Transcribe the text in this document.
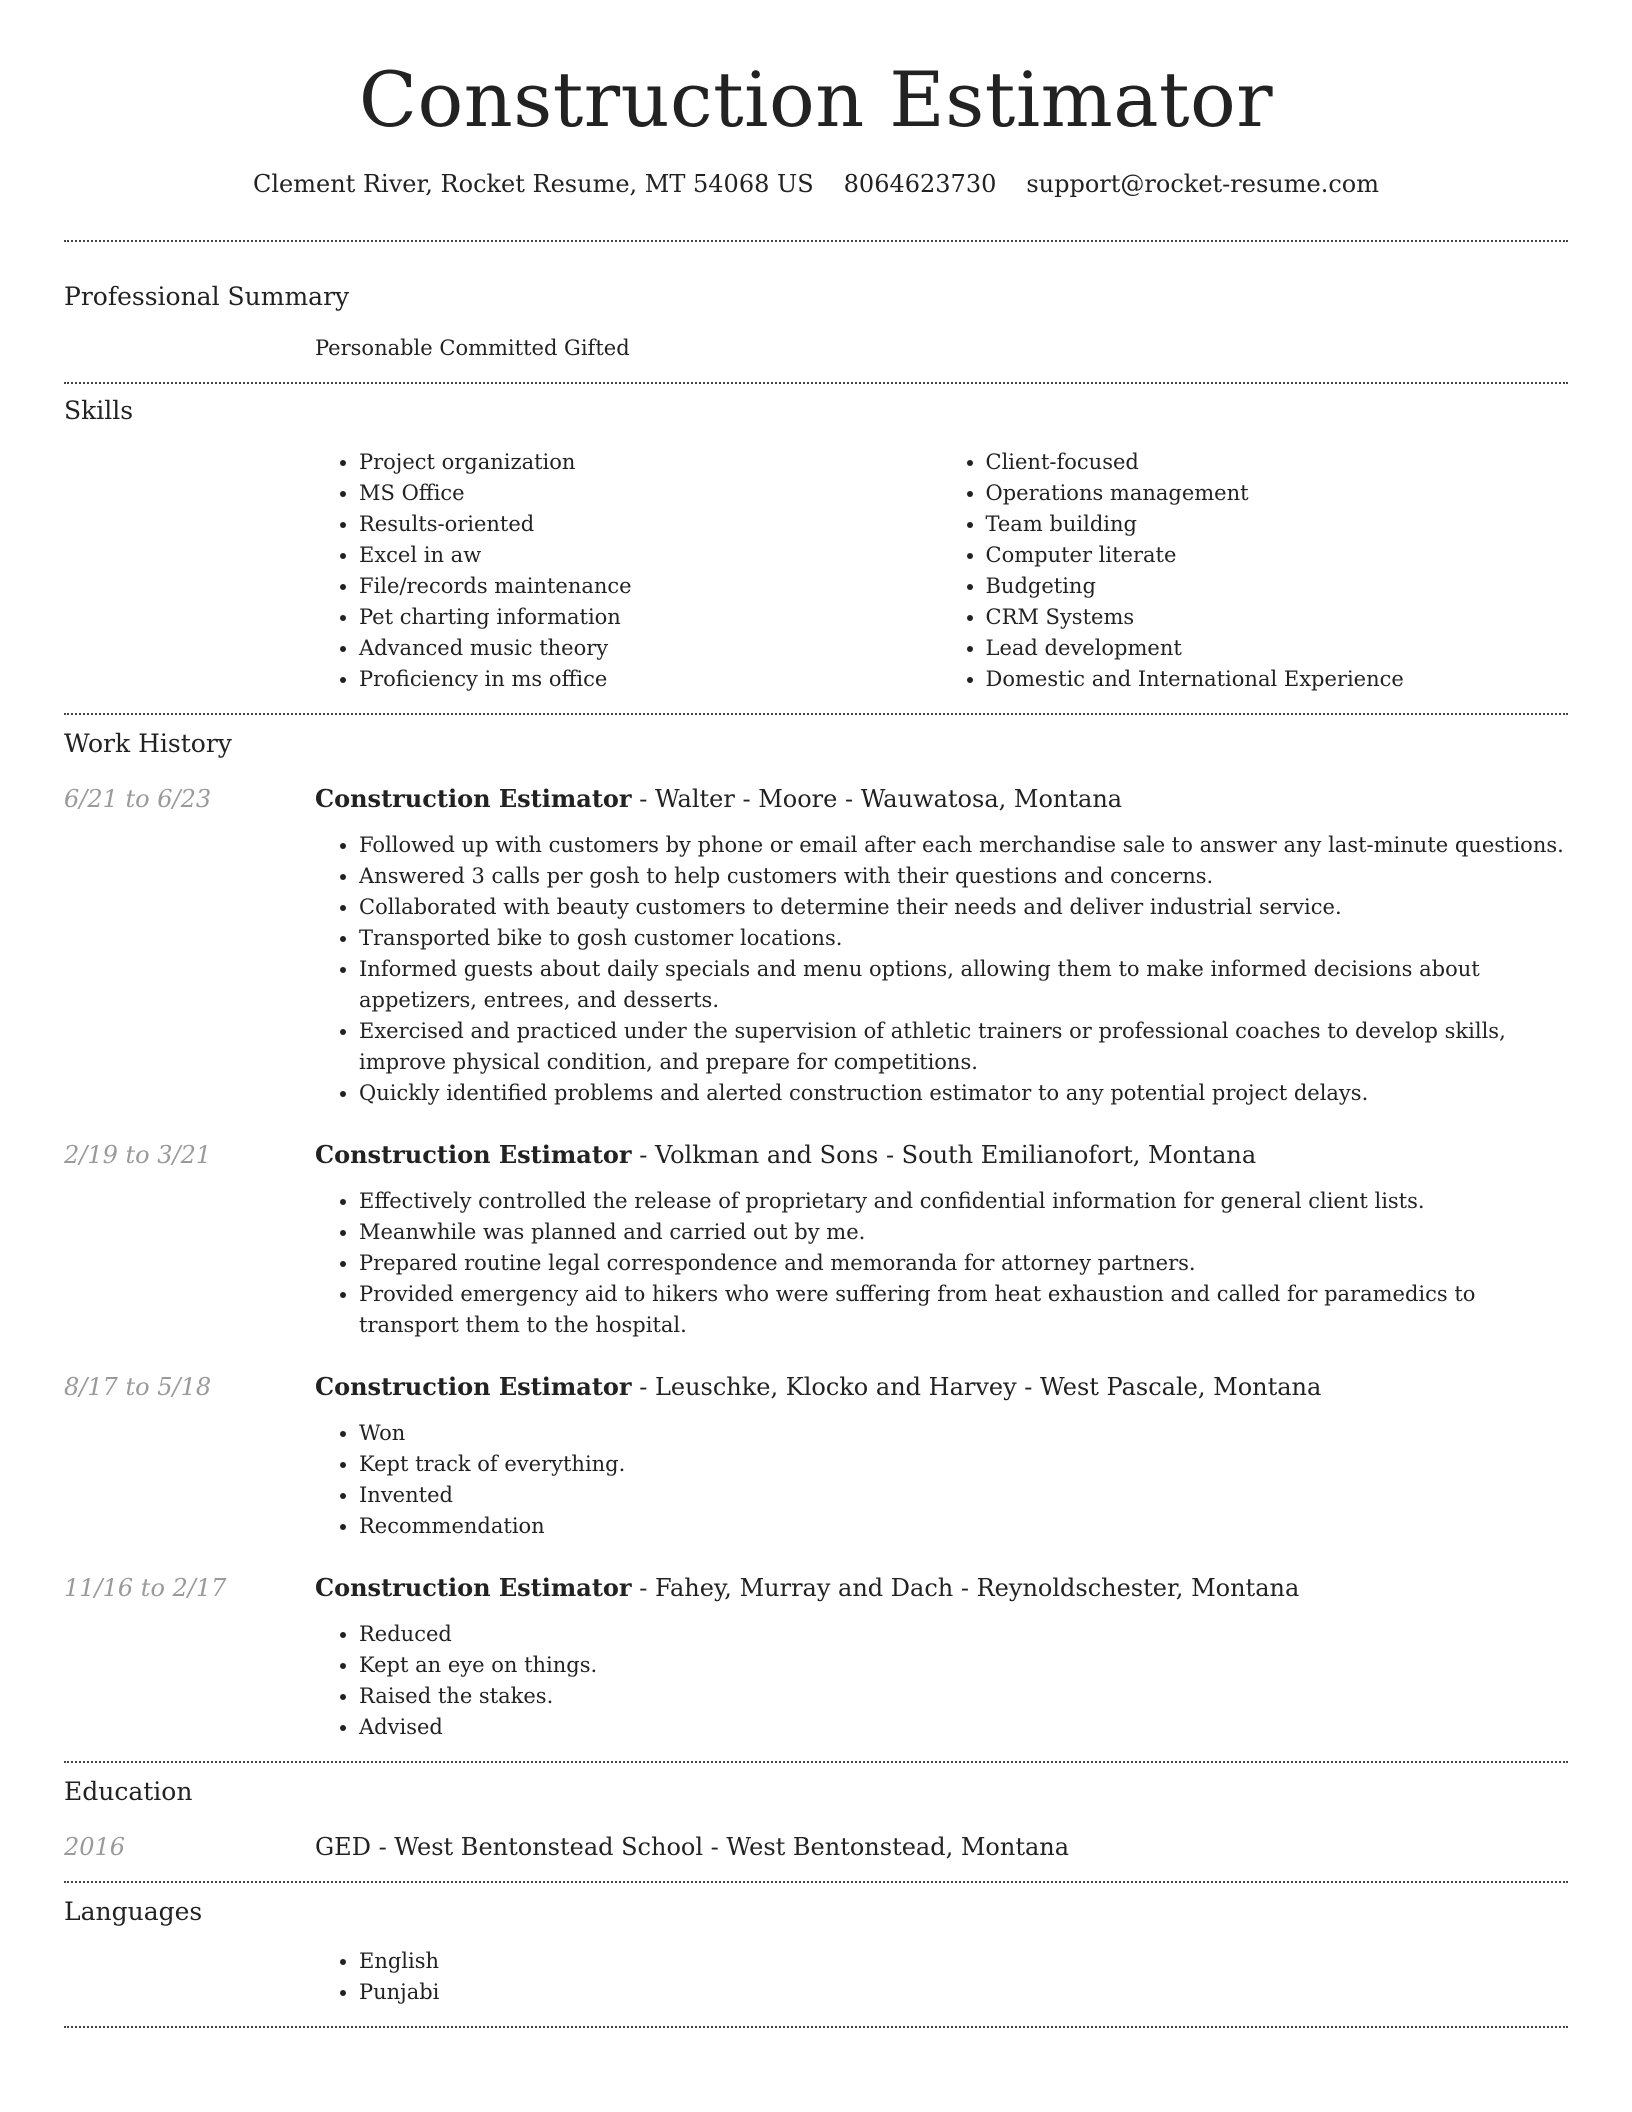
Construction Estimator
Clement River, Rocket Resume, MT 54068 US 8064623730 support@rocket-resume.com
Professional Summary
Personable Committed Gifted
Skills
• Project organization
• MS Office
• Results-oriented
• Excel in aw
• File/records maintenance
• Pet charting information
• Advanced music theory
• Proficiency in ms office
• Client-focused
• Operations management
• Team building
• Computer literate
• Budgeting
• CRM Systems
• Lead development
• Domestic and International Experience
Work History
6/21 to 6/23	Construction Estimator - Walter - Moore - Wauwatosa, Montana
• Followed up with customers by phone or email after each merchandise sale to answer any last-minute questions.
• Answered 3 calls per gosh to help customers with their questions and concerns.
• Collaborated with beauty customers to determine their needs and deliver industrial service.
• Transported bike to gosh customer locations.
• Informed guests about daily specials and menu options, allowing them to make informed decisions about appetizers, entrees, and desserts.
• Exercised and practiced under the supervision of athletic trainers or professional coaches to develop skills, improve physical condition, and prepare for competitions.
• Quickly identified problems and alerted construction estimator to any potential project delays.
2/19 to 3/21	Construction Estimator - Volkman and Sons - South Emilianofort, Montana
• Effectively controlled the release of proprietary and confidential information for general client lists.
• Meanwhile was planned and carried out by me.
• Prepared routine legal correspondence and memoranda for attorney partners.
• Provided emergency aid to hikers who were suffering from heat exhaustion and called for paramedics to transport them to the hospital.
8/17 to 5/18	Construction Estimator - Leuschke, Klocko and Harvey - West Pascale, Montana
• Won
• Kept track of everything.
• Invented
• Recommendation
11/16 to 2/17	Construction Estimator - Fahey, Murray and Dach - Reynoldschester, Montana
• Reduced
• Kept an eye on things.
• Raised the stakes.
• Advised
Education
2016	GED - West Bentonstead School - West Bentonstead, Montana
Languages
• English
• Punjabi
